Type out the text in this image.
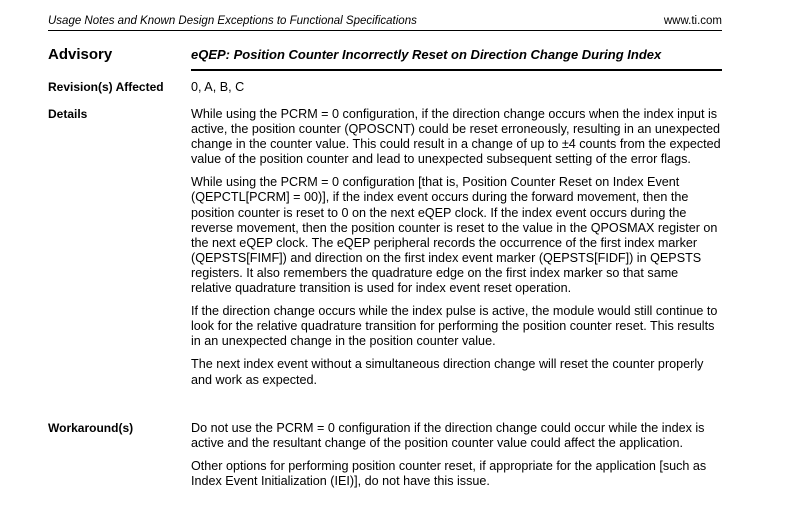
Usage Notes and Known Design Exceptions to Functional Specifications	www.ti.com
Advisory	eQEP: Position Counter Incorrectly Reset on Direction Change During Index
Revision(s) Affected 0, A, B, C
Details	While using the PCRM = 0 configuration, if the direction change occurs when the index input is active, the position counter (QPOSCNT) could be reset erroneously, resulting in an unexpected change in the counter value. This could result in a change of up to ±4 counts from the expected value of the position counter and lead to unexpected subsequent setting of the error flags.

While using the PCRM = 0 configuration [that is, Position Counter Reset on Index Event (QEPCTL[PCRM] = 00)], if the index event occurs during the forward movement, then the position counter is reset to 0 on the next eQEP clock. If the index event occurs during the reverse movement, then the position counter is reset to the value in the QPOSMAX register on the next eQEP clock. The eQEP peripheral records the occurrence of the first index marker (QEPSTS[FIMF]) and direction on the first index event marker (QEPSTS[FIDF]) in QEPSTS registers. It also remembers the quadrature edge on the first index marker so that same relative quadrature transition is used for index event reset operation.

If the direction change occurs while the index pulse is active, the module would still continue to look for the relative quadrature transition for performing the position counter reset. This results in an unexpected change in the position counter value.

The next index event without a simultaneous direction change will reset the counter properly and work as expected.

Workaround(s)	Do not use the PCRM = 0 configuration if the direction change could occur while the index is active and the resultant change of the position counter value could affect the application.

Other options for performing position counter reset, if appropriate for the application [such as Index Event Initialization (IEI)], do not have this issue.
